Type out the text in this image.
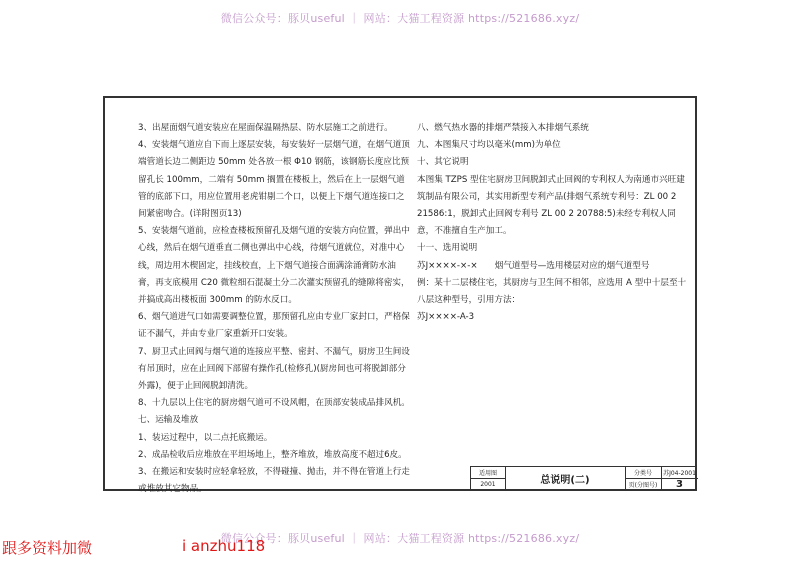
微信公众号：豚贝useful ｜ 网站：大猫工程资源 https://521686.xyz/

3、出屋面烟气道安装应在屋面保温隔热层、防水层施工之前进行。

4、安装烟气道应自下而上逐层安装，每安装好一层烟气道，在烟气道顶端管道长边二侧距边 50mm 处各放一根 Φ10 钢筋，该钢筋长度应比预留孔长 100mm，二端有 50mm 搁置在楼板上，然后在上一层烟气道管的底部下口，用应位置用老虎钳剔二个口，以便上下烟气道连接口之间紧密吻合。(详附图页13)

5、安装烟气道前，应检查楼板预留孔及烟气道的安装方向位置，弹出中心线，然后在烟气道垂直二侧也弹出中心线，待烟气道就位，对准中心线，周边用木楔固定，挂线校直，上下烟气道接合面满涂涌膏防水油膏，再支底模用 C20 微粒细石混凝土分二次灌实预留孔的缝隙将密实，并搞成高出楼板面 300mm 的防水反口。

6、烟气道进气口如需要调整位置，那预留孔应由专业厂家封口，严格保证不漏气，并由专业厂家重新开口安装。

7、厨卫式止回阀与烟气道的连接应平整、密封、不漏气，厨房卫生间设有吊顶时，应在止回阀下部留有操作孔(检修孔)(厨房间也可将脱卸部分外露)，便于止回阀脱卸清洗。

8、十九层以上住宅的厨房烟气道可不设风帽，在顶部安装成品排风机。

七、运输及堆放

1、装运过程中，以二点托底搬运。

2、成品检收后应堆放在平坦场地上，整齐堆放，堆放高度不超过6皮。

3、在搬运和安装时应轻拿轻放，不得碰撞、抛击，并不得在管道上行走或堆放其它物品。

八、燃气热水器的排烟严禁接入本排烟气系统

九、本图集尺寸均以毫米(mm)为单位

十、其它说明

本图集 TZPS 型住宅厨房卫间脱卸式止回阀的专利权人为南通市兴旺建筑制品有限公司，其实用新型专利产品(排烟气系统专利号：ZL 00 2 21586:1，脱卸式止回阀专利号 ZL 00 2 20788:5)未经专利权人同意，不准擅自生产加工。

十一、选用说明

苏J××××-×-×　　烟气道型号—选用楼层对应的烟气道型号

例：某十二层楼住宅，其厨房与卫生间不相邻，应选用 A 型中十层至十八层这种型号，引用方法：

苏J××××-A-3

适用图
2001	总说明(二)
分类号	苏J04-2001
页(分图号)	3
微信公众号：豚贝useful ｜ 网站：大猫工程资源 https://521686.xyz/
跟多资料加微	i anzhu118
